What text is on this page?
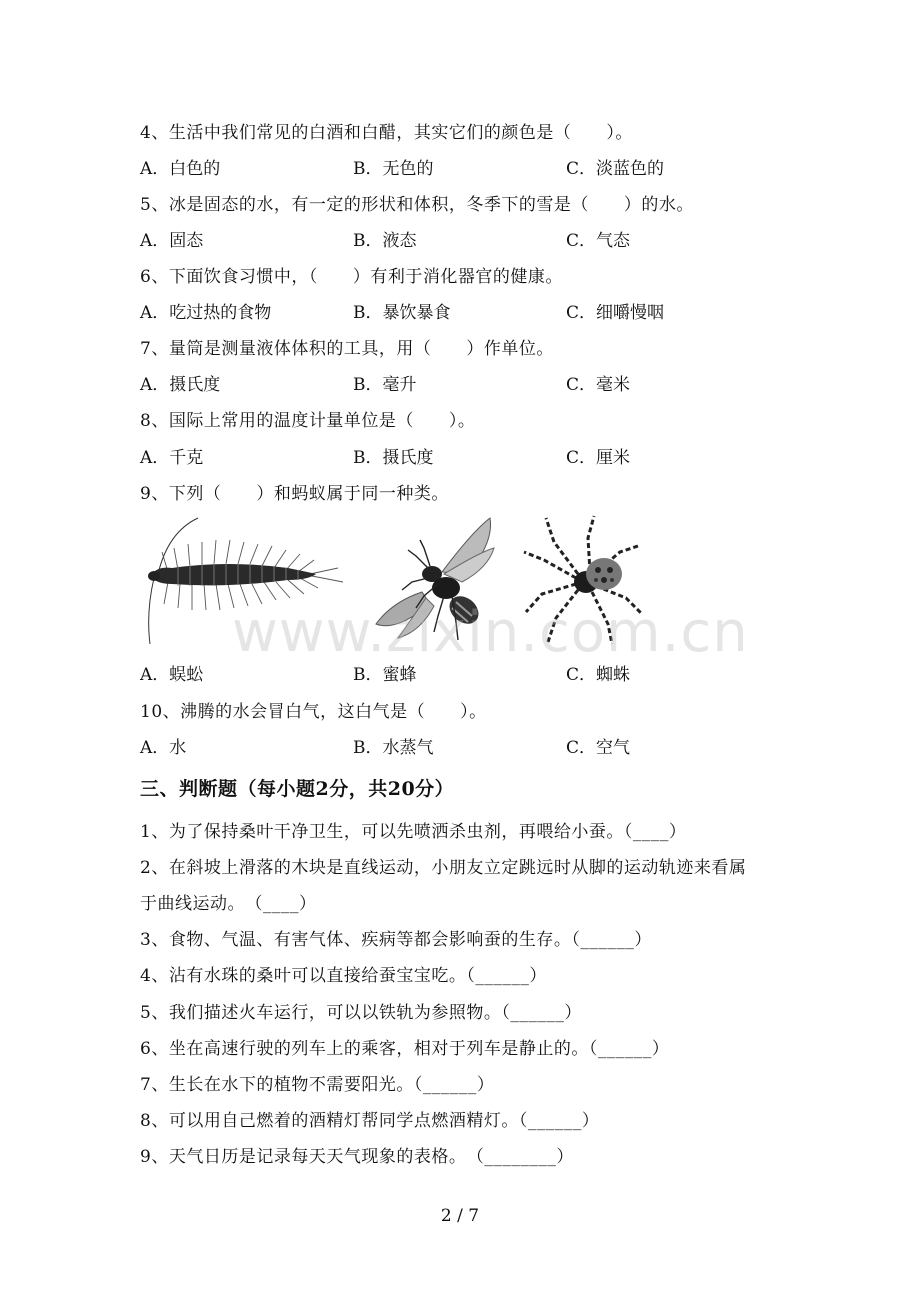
4、生活中我们常见的白酒和白醋，其实它们的颜色是（　　）。
A．白色的	B．无色的	C．淡蓝色的
5、冰是固态的水，有一定的形状和体积，冬季下的雪是（　　）的水。
A．固态	B．液态	C．气态
6、下面饮食习惯中，（　　）有利于消化器官的健康。
A．吃过热的食物	B．暴饮暴食	C．细嚼慢咽
7、量筒是测量液体体积的工具，用（　　）作单位。
A．摄氏度	B．毫升	C．毫米
8、国际上常用的温度计量单位是（　　）。
A．千克	B．摄氏度	C．厘米
9、下列（　　）和蚂蚁属于同一种类。
www.zixin.com.cn
A．蜈蚣	B．蜜蜂	C．蜘蛛
10、沸腾的水会冒白气，这白气是（　　）。
A．水	B．水蒸气	C．空气
三、判断题（每小题2分，共20分）
1、为了保持桑叶干净卫生，可以先喷洒杀虫剂，再喂给小蚕。（____）
2、在斜坡上滑落的木块是直线运动，小朋友立定跳远时从脚的运动轨迹来看属
于曲线运动。　（____）
3、食物、气温、有害气体、疾病等都会影响蚕的生存。（______）
4、沾有水珠的桑叶可以直接给蚕宝宝吃。（______）
5、我们描述火车运行，可以以铁轨为参照物。（______）
6、坐在高速行驶的列车上的乘客，相对于列车是静止的。（______）
7、生长在水下的植物不需要阳光。（______）
8、可以用自己燃着的酒精灯帮同学点燃酒精灯。（______）
9、天气日历是记录每天天气现象的表格。　（________）
2 / 7
